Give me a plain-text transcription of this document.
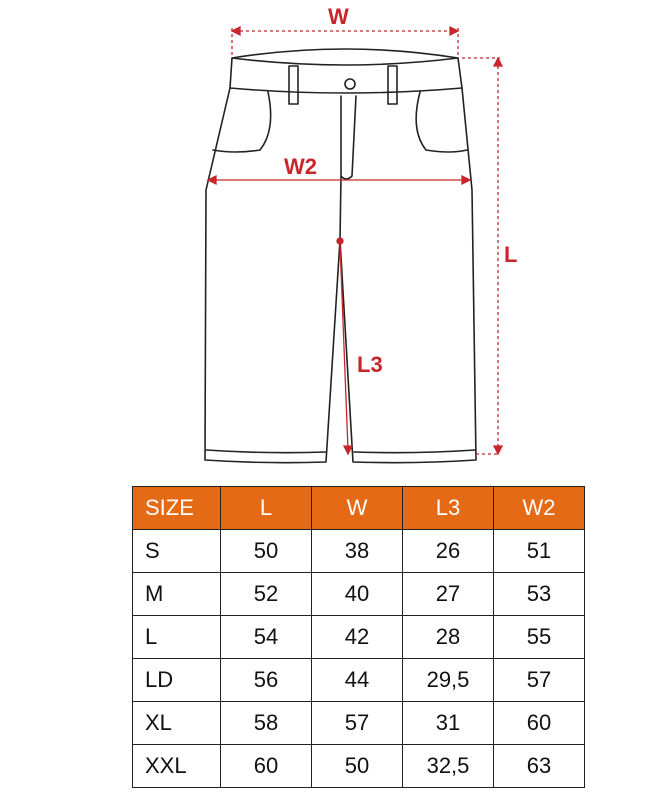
W
W2
L
L3
SIZE	L	W	L3	W2
S	50	38	26	51
M	52	40	27	53
L	54	42	28	55
LD	56	44	29,5	57
XL	58	57	31	60
XXL	60	50	32,5	63
